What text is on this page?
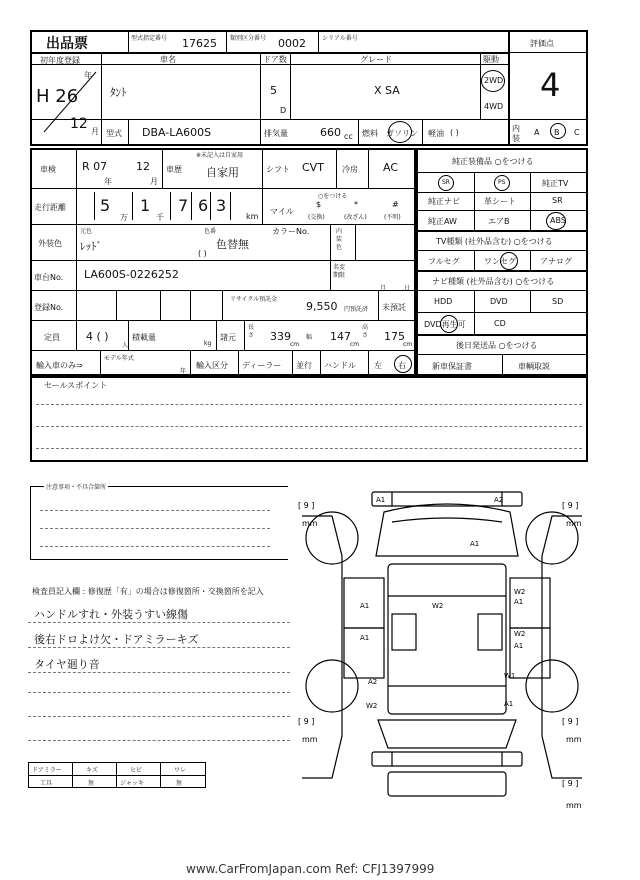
出品票	型式指定番号 17625 類別区分番号 0002	シリアル番号
評価点
4
初年度登録
年
H 26
12 月
車名
ﾀﾝﾄ
ドア数
5
D
グレード
X SA
駆動
2WD
4WD
型式 DBA-LA600S	排気量	660 cc 燃料 ガソリン 軽油 ( )	内装
A B C
車検 R 07
年
12
月
車歴
※未記入は自家用
自家用	シフト CVT 冷房 AC
走行距離 5
万
1
千
7 6 3
km
○をつける
マイル
$
(交換)
*
(改ざん)
#
(不明)
外装色
元色
ﾚｯﾄﾞ
色番
色替無
( )
カラーNo.	内装色
車台No. LA600S-0226252
名変期限
月	日
登録No.
リサイクル預託金
9,550 円預託済 未預託
定員 4 ( )
人
積載量
kg
諸元
長さ 339
cm
幅 147
cm
高さ 175
cm
輸入車のみ⇒
モデル年式
年
輸入区分 ディーラー 並行 ハンドル 左 右
純正装備品 ○をつける
SR	PS	純正TV
純正ナビ	革シート	SR
純正AW	エアB	ABS
TV種類 (社外品含む) ○をつける
フルセグ	ワンセグ	アナログ
ナビ種類 (社外品含む) ○をつける
HDD	DVD	SD
DVD再生可	CD
後日発送品 ○をつける
新車保証書	車輌取説
セールスポイント
注意事項・不具合箇所
検査員記入欄 : 修復歴「有」の場合は修復箇所・交換箇所を記入
ハンドルすれ・外装うすい線傷
後右ドロよけ欠・ドアミラーキズ
タイヤ廻り音
ドアミラー	キズ	ヒビ	ワレ
工具	無	ジャッキ	無
[ 9 ]
mm
[ 9 ]
mm
[ 9 ]
mm
[ 9 ]
mm
[ 9 ]
mm
A1	A2
A1
A1	W2
W2
A1
A1	W2
A1
A2
W2
W1
A1
www.CarFromJapan.com Ref: CFJ1397999
